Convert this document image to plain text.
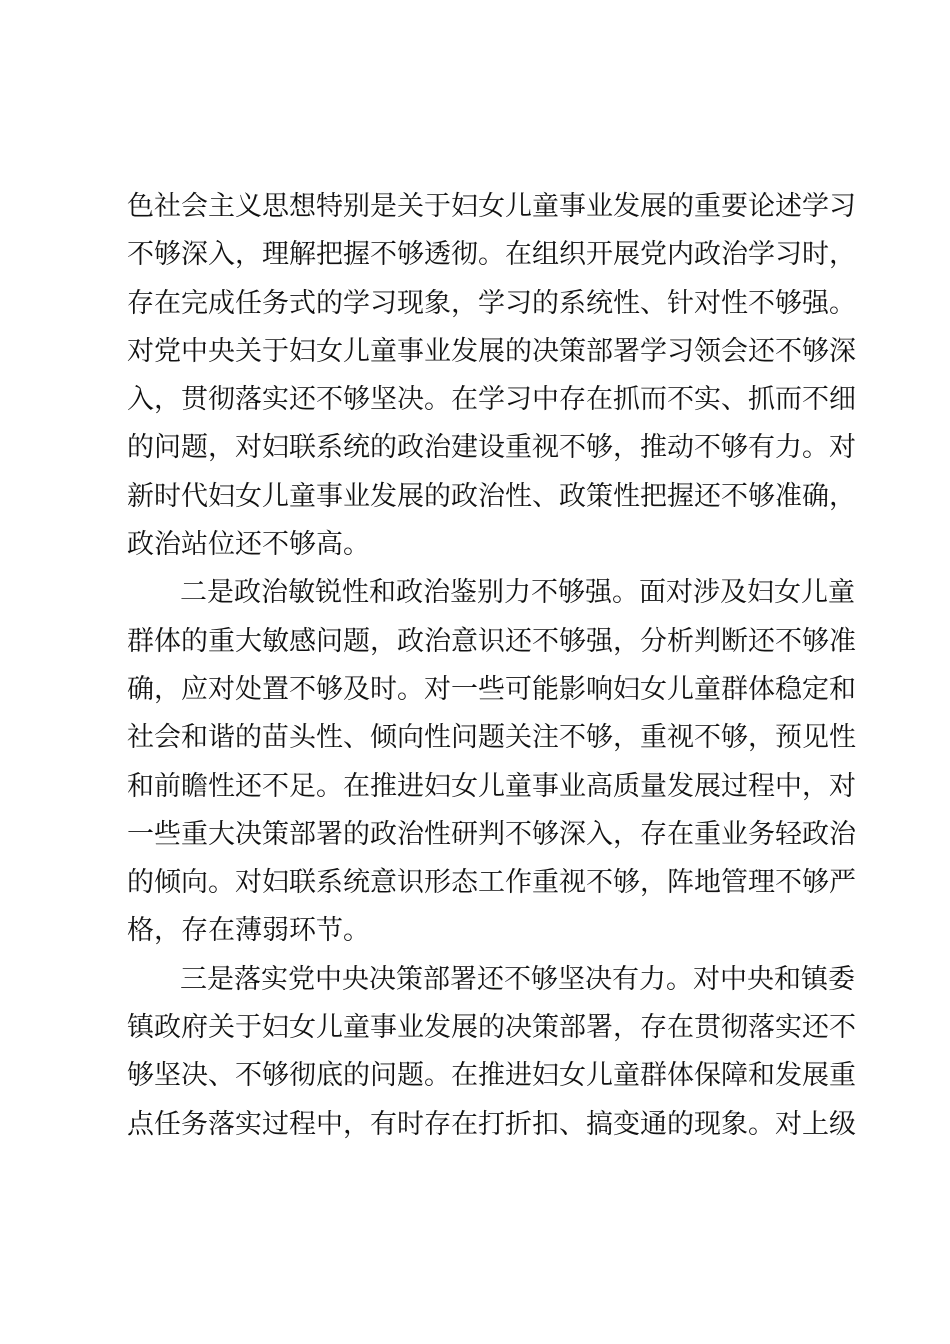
色社会主义思想特别是关于妇女儿童事业发展的重要论述学习
不够深入，理解把握不够透彻。在组织开展党内政治学习时，
存在完成任务式的学习现象，学习的系统性、针对性不够强。
对党中央关于妇女儿童事业发展的决策部署学习领会还不够深
入，贯彻落实还不够坚决。在学习中存在抓而不实、抓而不细
的问题，对妇联系统的政治建设重视不够，推动不够有力。对
新时代妇女儿童事业发展的政治性、政策性把握还不够准确，
政治站位还不够高。
二是政治敏锐性和政治鉴别力不够强。面对涉及妇女儿童
群体的重大敏感问题，政治意识还不够强，分析判断还不够准
确，应对处置不够及时。对一些可能影响妇女儿童群体稳定和
社会和谐的苗头性、倾向性问题关注不够，重视不够，预见性
和前瞻性还不足。在推进妇女儿童事业高质量发展过程中，对
一些重大决策部署的政治性研判不够深入，存在重业务轻政治
的倾向。对妇联系统意识形态工作重视不够，阵地管理不够严
格，存在薄弱环节。
三是落实党中央决策部署还不够坚决有力。对中央和镇委
镇政府关于妇女儿童事业发展的决策部署，存在贯彻落实还不
够坚决、不够彻底的问题。在推进妇女儿童群体保障和发展重
点任务落实过程中，有时存在打折扣、搞变通的现象。对上级
